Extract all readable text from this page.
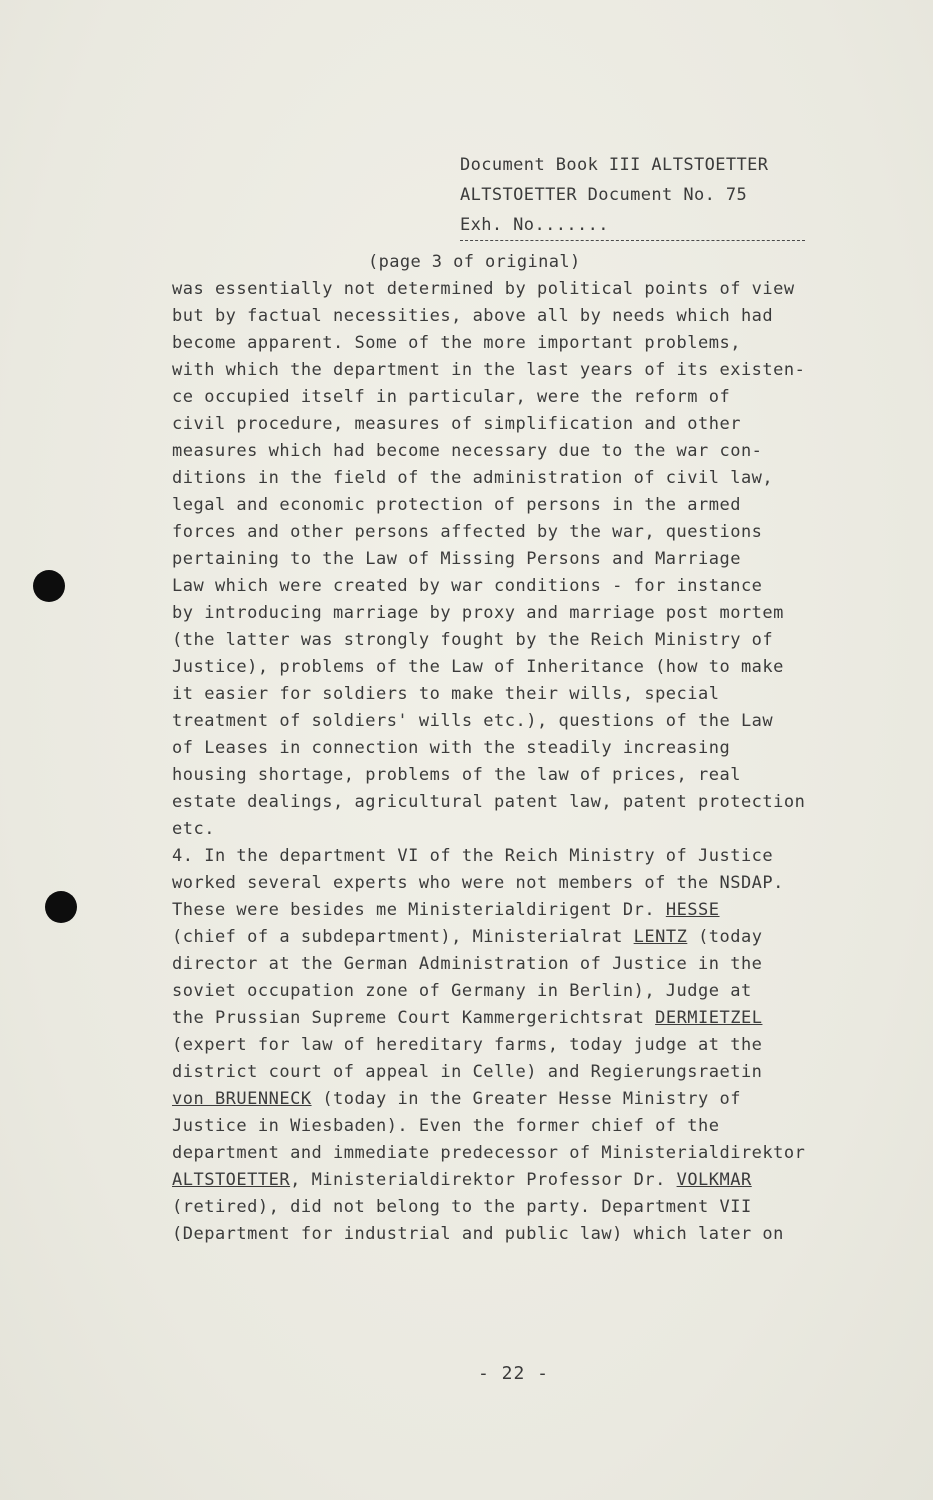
Document Book III ALTSTOETTER
ALTSTOETTER Document No. 75
Exh. No.......
(page 3 of original)
was essentially not determined by political points of view
but by factual necessities, above all by needs which had
become apparent. Some of the more important problems,
with which the department in the last years of its existen-
ce occupied itself in particular, were the reform of
civil procedure, measures of simplification and other
measures which had become necessary due to the war con-
ditions in the field of the administration of civil law,
legal and economic protection of persons in the armed
forces and other persons affected by the war, questions
pertaining to the Law of Missing Persons and Marriage
Law which were created by war conditions - for instance
by introducing marriage by proxy and marriage post mortem
(the latter was strongly fought by the Reich Ministry of
Justice), problems of the Law of Inheritance (how to make
it easier for soldiers to make their wills, special
treatment of soldiers' wills etc.), questions of the Law
of Leases in connection with the steadily increasing
housing shortage, problems of the law of prices, real
estate dealings, agricultural patent law, patent protection
etc.
4. In the department VI of the Reich Ministry of Justice
worked several experts who were not members of the NSDAP.
These were besides me Ministerialdirigent Dr. HESSE
(chief of a subdepartment), Ministerialrat LENTZ (today
director at the German Administration of Justice in the
soviet occupation zone of Germany in Berlin), Judge at
the Prussian Supreme Court Kammergerichtsrat DERMIETZEL
(expert for law of hereditary farms, today judge at the
district court of appeal in Celle) and Regierungsraetin
von BRUENNECK (today in the Greater Hesse Ministry of
Justice in Wiesbaden). Even the former chief of the
department and immediate predecessor of Ministerialdirektor
ALTSTOETTER, Ministerialdirektor Professor Dr. VOLKMAR
(retired), did not belong to the party. Department VII
(Department for industrial and public law) which later on
- 22 -
